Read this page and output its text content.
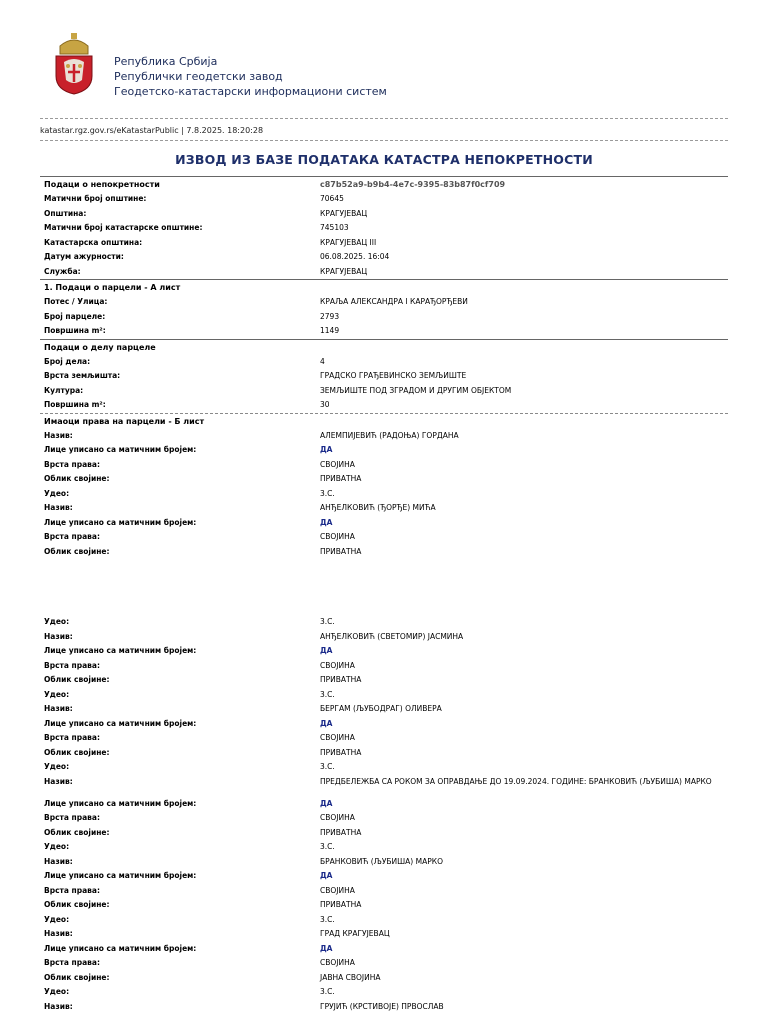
Република Србија
Републички геодетски завод
Геодетско-катастарски информациони систем
katastar.rgz.gov.rs/eKatastarPublic | 7.8.2025. 18:20:28
ИЗВОД ИЗ БАЗЕ ПОДАТАКА КАТАСТРА НЕПОКРЕТНОСТИ
Подаци о непокретности	c87b52a9-b9b4-4e7c-9395-83b87f0cf709
Матични број општине:	70645
Општина:	КРАГУЈЕВАЦ
Матични број катастарске општине:	745103
Катастарска општина:	КРАГУЈЕВАЦ III
Датум ажурности:	06.08.2025. 16:04
Служба:	КРАГУЈЕВАЦ
1. Подаци о парцели - А лист
Потес / Улица:	КРАЉА АЛЕКСАНДРА I КАРАЂОРЂЕВИ
Број парцеле:	2793
Површина m²:	1149
Подаци о делу парцеле
Број дела:	4
Врста земљишта:	ГРАДСКО ГРАЂЕВИНСКО ЗЕМЉИШТЕ
Култура:	ЗЕМЉИШТЕ ПОД ЗГРАДОМ И ДРУГИМ ОБЈЕКТОМ
Површина m²:	30
Имаоци права на парцели - Б лист
Назив:	АЛЕМПИЈЕВИЋ (РАДОЊА) ГОРДАНА
Лице уписано са матичним бројем:	ДА
Врста права:	СВОЈИНА
Облик својине:	ПРИВАТНА
Удео:	3.С.
Назив:	АНЂЕЛКОВИЋ (ЂОРЂЕ) МИЋА
Лице уписано са матичним бројем:	ДА
Врста права:	СВОЈИНА
Облик својине:	ПРИВАТНА
Удео:	3.С.
Назив:	АНЂЕЛКОВИЋ (СВЕТОМИР) ЈАСМИНА
Лице уписано са матичним бројем:	ДА
Врста права:	СВОЈИНА
Облик својине:	ПРИВАТНА
Удео:	3.С.
Назив:	БЕРГАМ (ЉУБОДРАГ) ОЛИВЕРА
Лице уписано са матичним бројем:	ДА
Врста права:	СВОЈИНА
Облик својине:	ПРИВАТНА
Удео:	3.С.
Назив:	ПРЕДБЕЛЕЖБА СА РОКОМ ЗА ОПРАВДАЊЕ ДО 19.09.2024. ГОДИНЕ: БРАНКОВИЋ (ЉУБИША) МАРКО
Лице уписано са матичним бројем:	ДА
Врста права:	СВОЈИНА
Облик својине:	ПРИВАТНА
Удео:	3.С.
Назив:	БРАНКОВИЋ (ЉУБИША) МАРКО
Лице уписано са матичним бројем:	ДА
Врста права:	СВОЈИНА
Облик својине:	ПРИВАТНА
Удео:	3.С.
Назив:	ГРАД КРАГУЈЕВАЦ
Лице уписано са матичним бројем:	ДА
Врста права:	СВОЈИНА
Облик својине:	ЈАВНА СВОЈИНА
Удео:	3.С.
Назив:	ГРУЈИЋ (КРСТИВОЈЕ) ПРВОСЛАВ
